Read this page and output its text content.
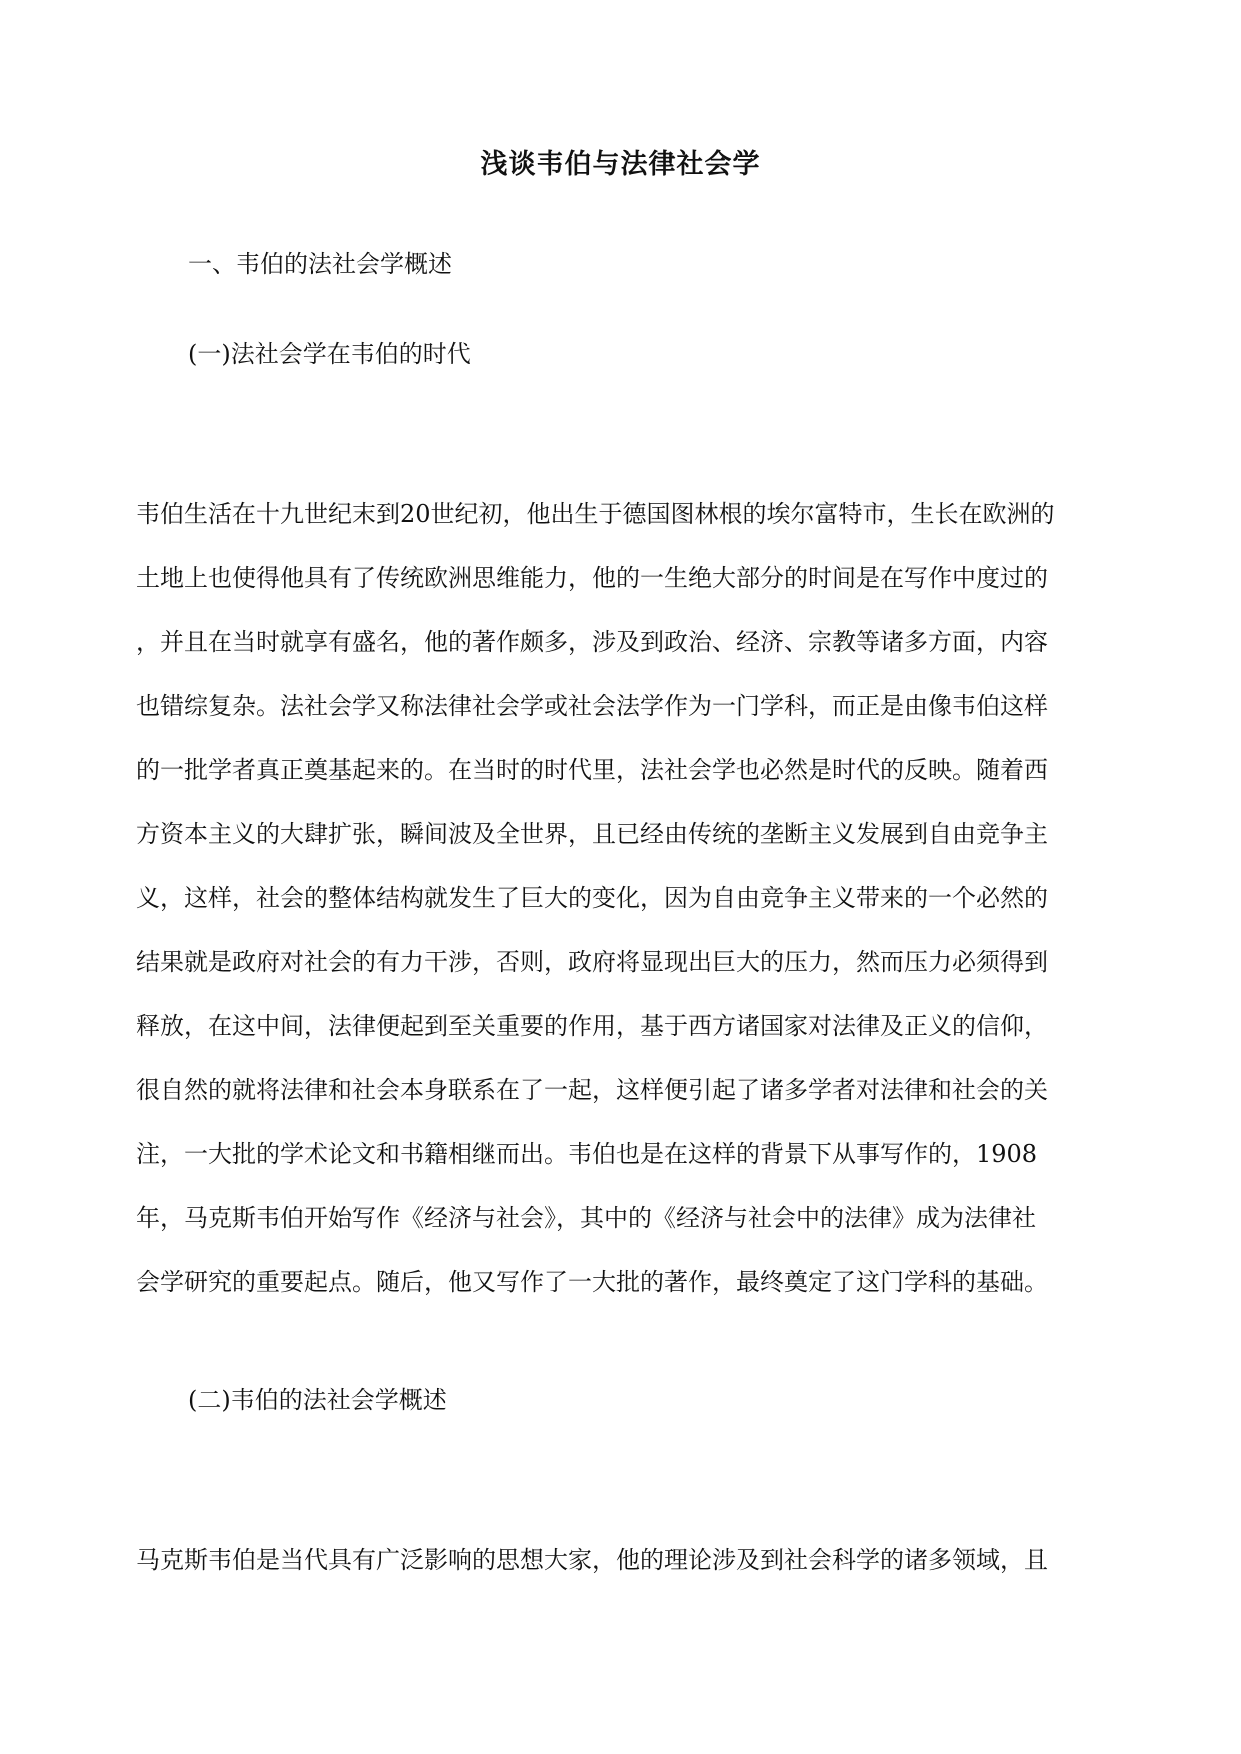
浅谈韦伯与法律社会学

一、韦伯的法社会学概述

(一)法社会学在韦伯的时代

韦伯生活在十九世纪末到20世纪初，他出生于德国图林根的埃尔富特市，生长在欧洲的
土地上也使得他具有了传统欧洲思维能力，他的一生绝大部分的时间是在写作中度过的
，并且在当时就享有盛名，他的著作颇多，涉及到政治、经济、宗教等诸多方面，内容
也错综复杂。法社会学又称法律社会学或社会法学作为一门学科，而正是由像韦伯这样
的一批学者真正奠基起来的。在当时的时代里，法社会学也必然是时代的反映。随着西
方资本主义的大肆扩张，瞬间波及全世界，且已经由传统的垄断主义发展到自由竞争主
义，这样，社会的整体结构就发生了巨大的变化，因为自由竞争主义带来的一个必然的
结果就是政府对社会的有力干涉，否则，政府将显现出巨大的压力，然而压力必须得到
释放，在这中间，法律便起到至关重要的作用，基于西方诸国家对法律及正义的信仰，
很自然的就将法律和社会本身联系在了一起，这样便引起了诸多学者对法律和社会的关
注，一大批的学术论文和书籍相继而出。韦伯也是在这样的背景下从事写作的，1908
年，马克斯韦伯开始写作《经济与社会》，其中的《经济与社会中的法律》成为法律社
会学研究的重要起点。随后，他又写作了一大批的著作，最终奠定了这门学科的基础。

(二)韦伯的法社会学概述

马克斯韦伯是当代具有广泛影响的思想大家，他的理论涉及到社会科学的诸多领域，且
